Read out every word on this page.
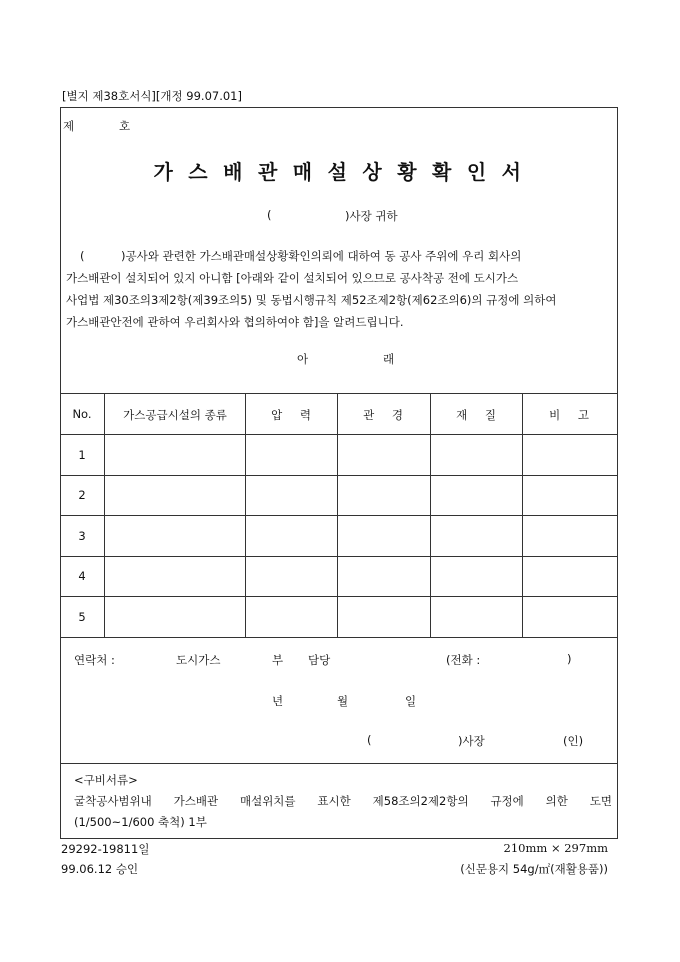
[별지 제38호서식][개정 99.07.01]
제	호
가스배관매설상황확인서
(	)사장 귀하
(          )공사와 관련한 가스배관매설상황확인의뢰에 대하여 동 공사 주위에 우리 회사의
가스배관이 설치되어 있지 아니함 [아래와 같이 설치되어 있으므로 공사착공 전에 도시가스
사업법 제30조의3제2항(제39조의5) 및 동법시행규칙 제52조제2항(제62조의6)의 규정에 의하여
가스배관안전에 관하여 우리회사와 협의하여야 함]을 알려드립니다.
아	래
No.	가스공급시설의 종류	압 력	관 경	재 질	비 고
1
2
3
4
5
연락처 :	도시가스	부 담당	(전화 :	)
년	월	일
(	)사장	(인)
<구비서류>
굴착공사범위내 가스배관 매설위치를 표시한 제58조의2제2항의 규정에 의한 도면
(1/500~1/600 축척) 1부
29292-19811일
99.06.12 승인
210mm × 297mm
(신문용지 54g/㎡(재활용품))
